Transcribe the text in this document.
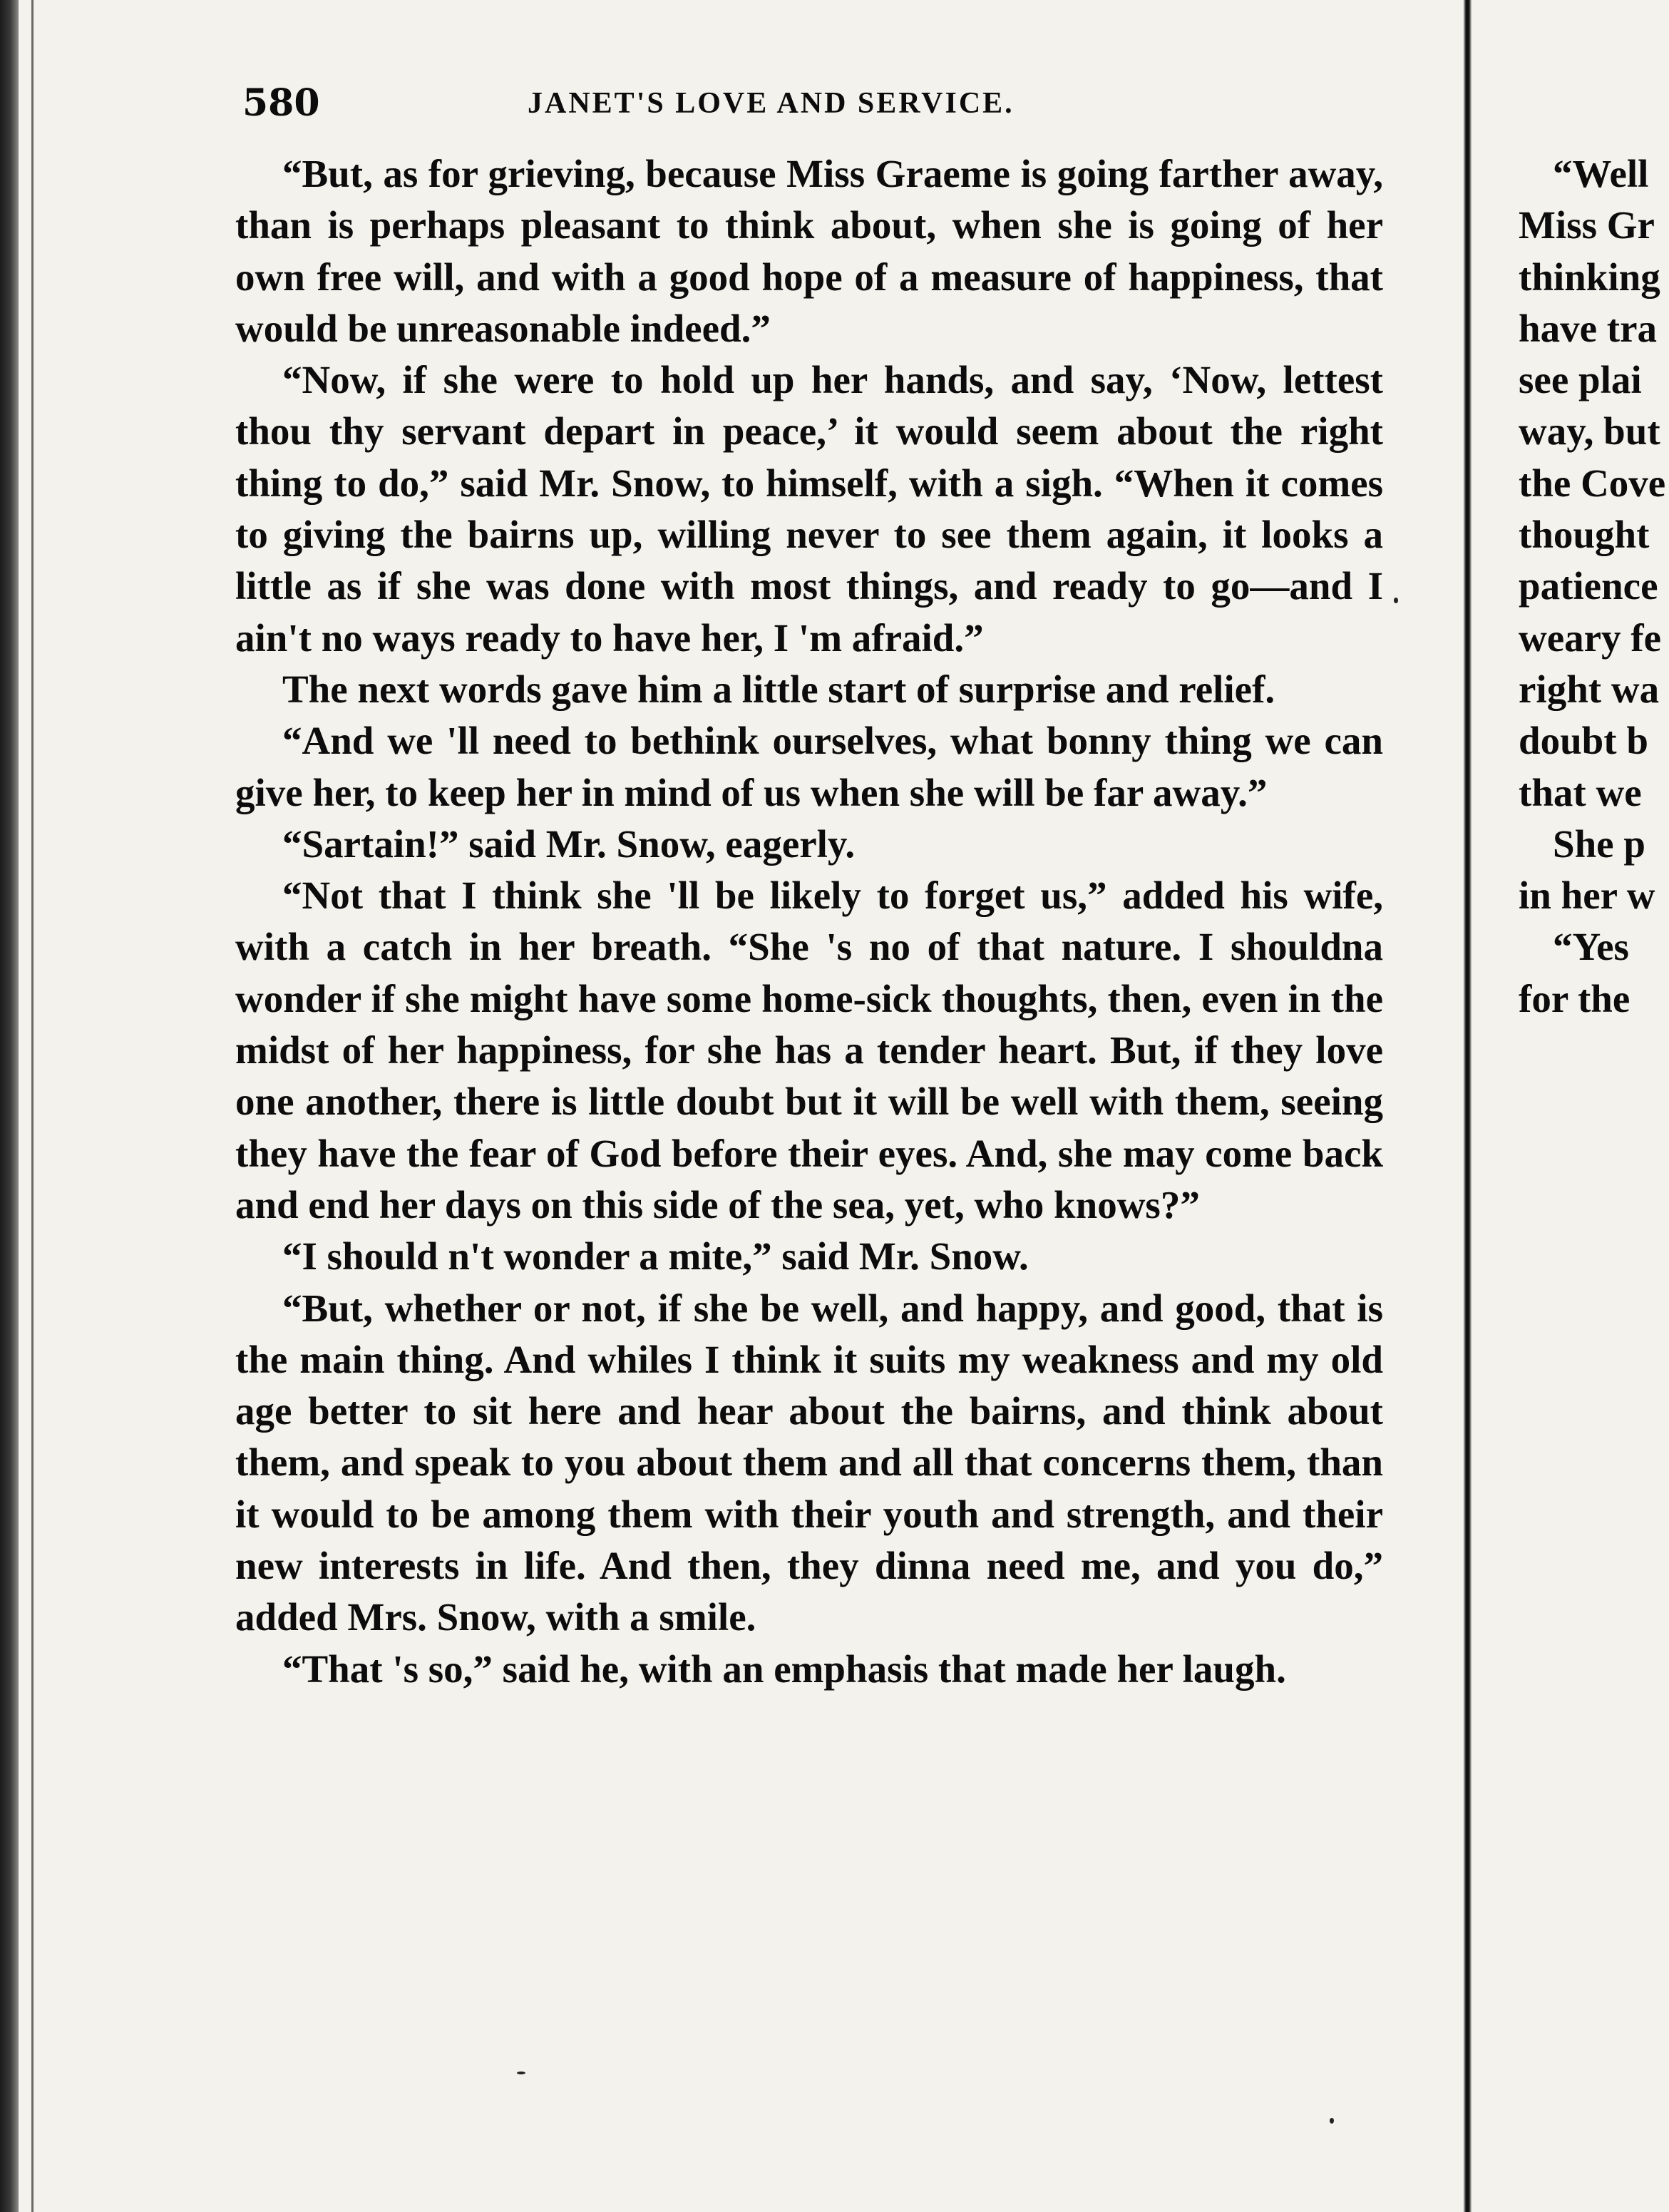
580	JANET'S LOVE AND SERVICE.

“But, as for grieving, because Miss Graeme is going farther away, than is perhaps pleasant to think about, when she is going of her own free will, and with a good hope of a measure of happiness, that would be unreasonable indeed.”

“Now, if she were to hold up her hands, and say, ‘Now, lettest thou thy servant depart in peace,’ it would seem about the right thing to do,” said Mr. Snow, to himself, with a sigh. “When it comes to giving the bairns up, willing never to see them again, it looks a little as if she was done with most things, and ready to go—and I ain't no ways ready to have her, I 'm afraid.”

The next words gave him a little start of surprise and relief.

“And we 'll need to bethink ourselves, what bonny thing we can give her, to keep her in mind of us when she will be far away.”

“Sartain!” said Mr. Snow, eagerly.

“Not that I think she 'll be likely to forget us,” added his wife, with a catch in her breath. “She 's no of that nature. I shouldna wonder if she might have some home-sick thoughts, then, even in the midst of her happiness, for she has a tender heart. But, if they love one another, there is little doubt but it will be well with them, seeing they have the fear of God before their eyes. And, she may come back and end her days on this side of the sea, yet, who knows?”

“I should n't wonder a mite,” said Mr. Snow.

“But, whether or not, if she be well, and happy, and good, that is the main thing. And whiles I think it suits my weakness and my old age better to sit here and hear about the bairns, and think about them, and speak to you about them and all that concerns them, than it would to be among them with their youth and strength, and their new interests in life. And then, they dinna need me, and you do,” added Mrs. Snow, with a smile.

“That 's so,” said he, with an emphasis that made her laugh.

“Well
Miss Gr
thinking
have tra
see plai
way, but
the Cove
thought
patience
weary fe
right wa
doubt b
that we
She p
in her w
“Yes
for the
